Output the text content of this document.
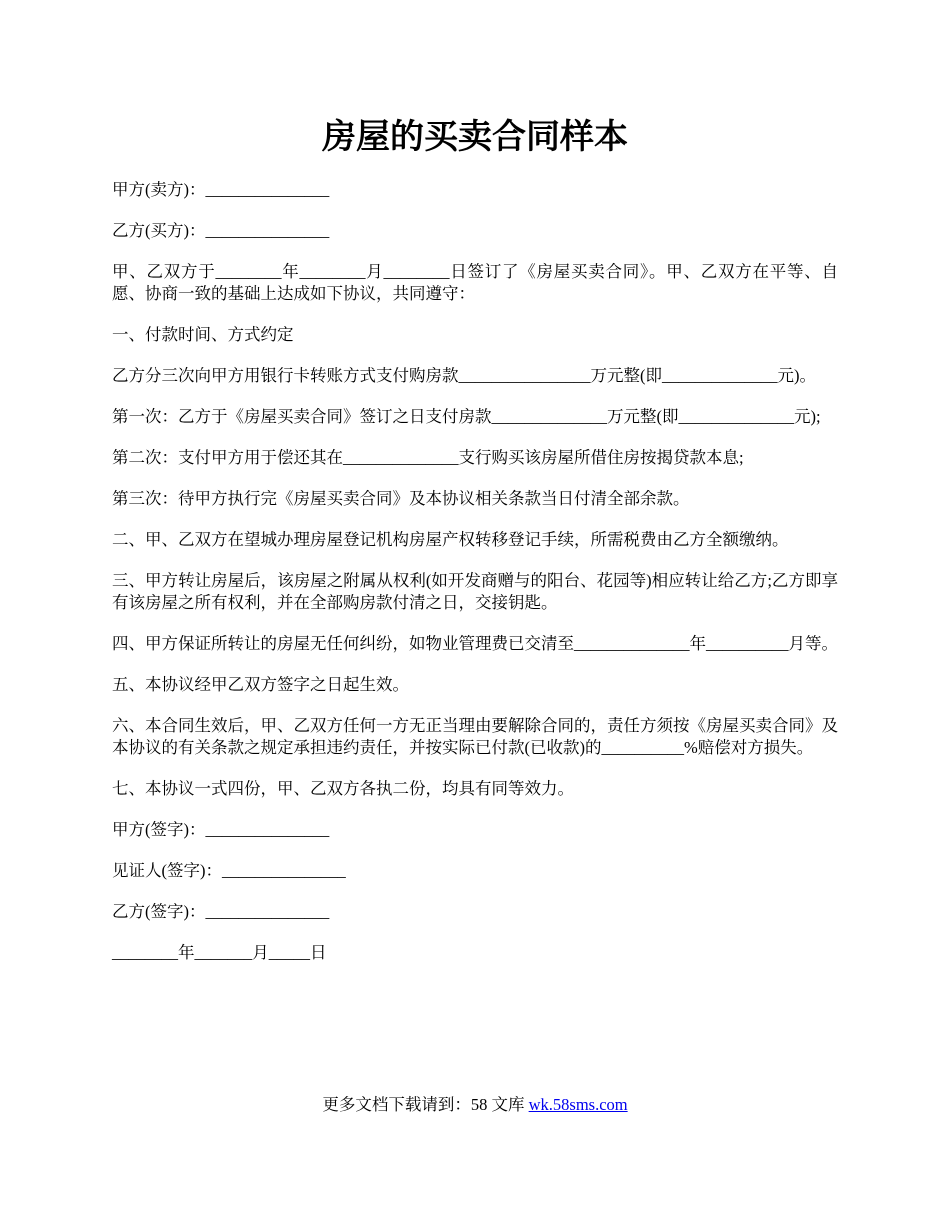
房屋的买卖合同样本

甲方(卖方)：_______________

乙方(买方)：_______________

甲、乙双方于________年________月________日签订了《房屋买卖合同》。甲、乙双方在平等、自愿、协商一致的基础上达成如下协议，共同遵守：

一、付款时间、方式约定

乙方分三次向甲方用银行卡转账方式支付购房款________________万元整(即______________元)。

第一次：乙方于《房屋买卖合同》签订之日支付房款______________万元整(即______________元);

第二次：支付甲方用于偿还其在______________支行购买该房屋所借住房按揭贷款本息;

第三次：待甲方执行完《房屋买卖合同》及本协议相关条款当日付清全部余款。

二、甲、乙双方在望城办理房屋登记机构房屋产权转移登记手续，所需税费由乙方全额缴纳。

三、甲方转让房屋后，该房屋之附属从权利(如开发商赠与的阳台、花园等)相应转让给乙方;乙方即享有该房屋之所有权利，并在全部购房款付清之日，交接钥匙。

四、甲方保证所转让的房屋无任何纠纷，如物业管理费已交清至______________年__________月等。

五、本协议经甲乙双方签字之日起生效。

六、本合同生效后，甲、乙双方任何一方无正当理由要解除合同的，责任方须按《房屋买卖合同》及本协议的有关条款之规定承担违约责任，并按实际已付款(已收款)的__________%赔偿对方损失。

七、本协议一式四份，甲、乙双方各执二份，均具有同等效力。

甲方(签字)：_______________

见证人(签字)：_______________

乙方(签字)：_______________

________年_______月_____日

更多文档下载请到：58 文库 wk.58sms.com
